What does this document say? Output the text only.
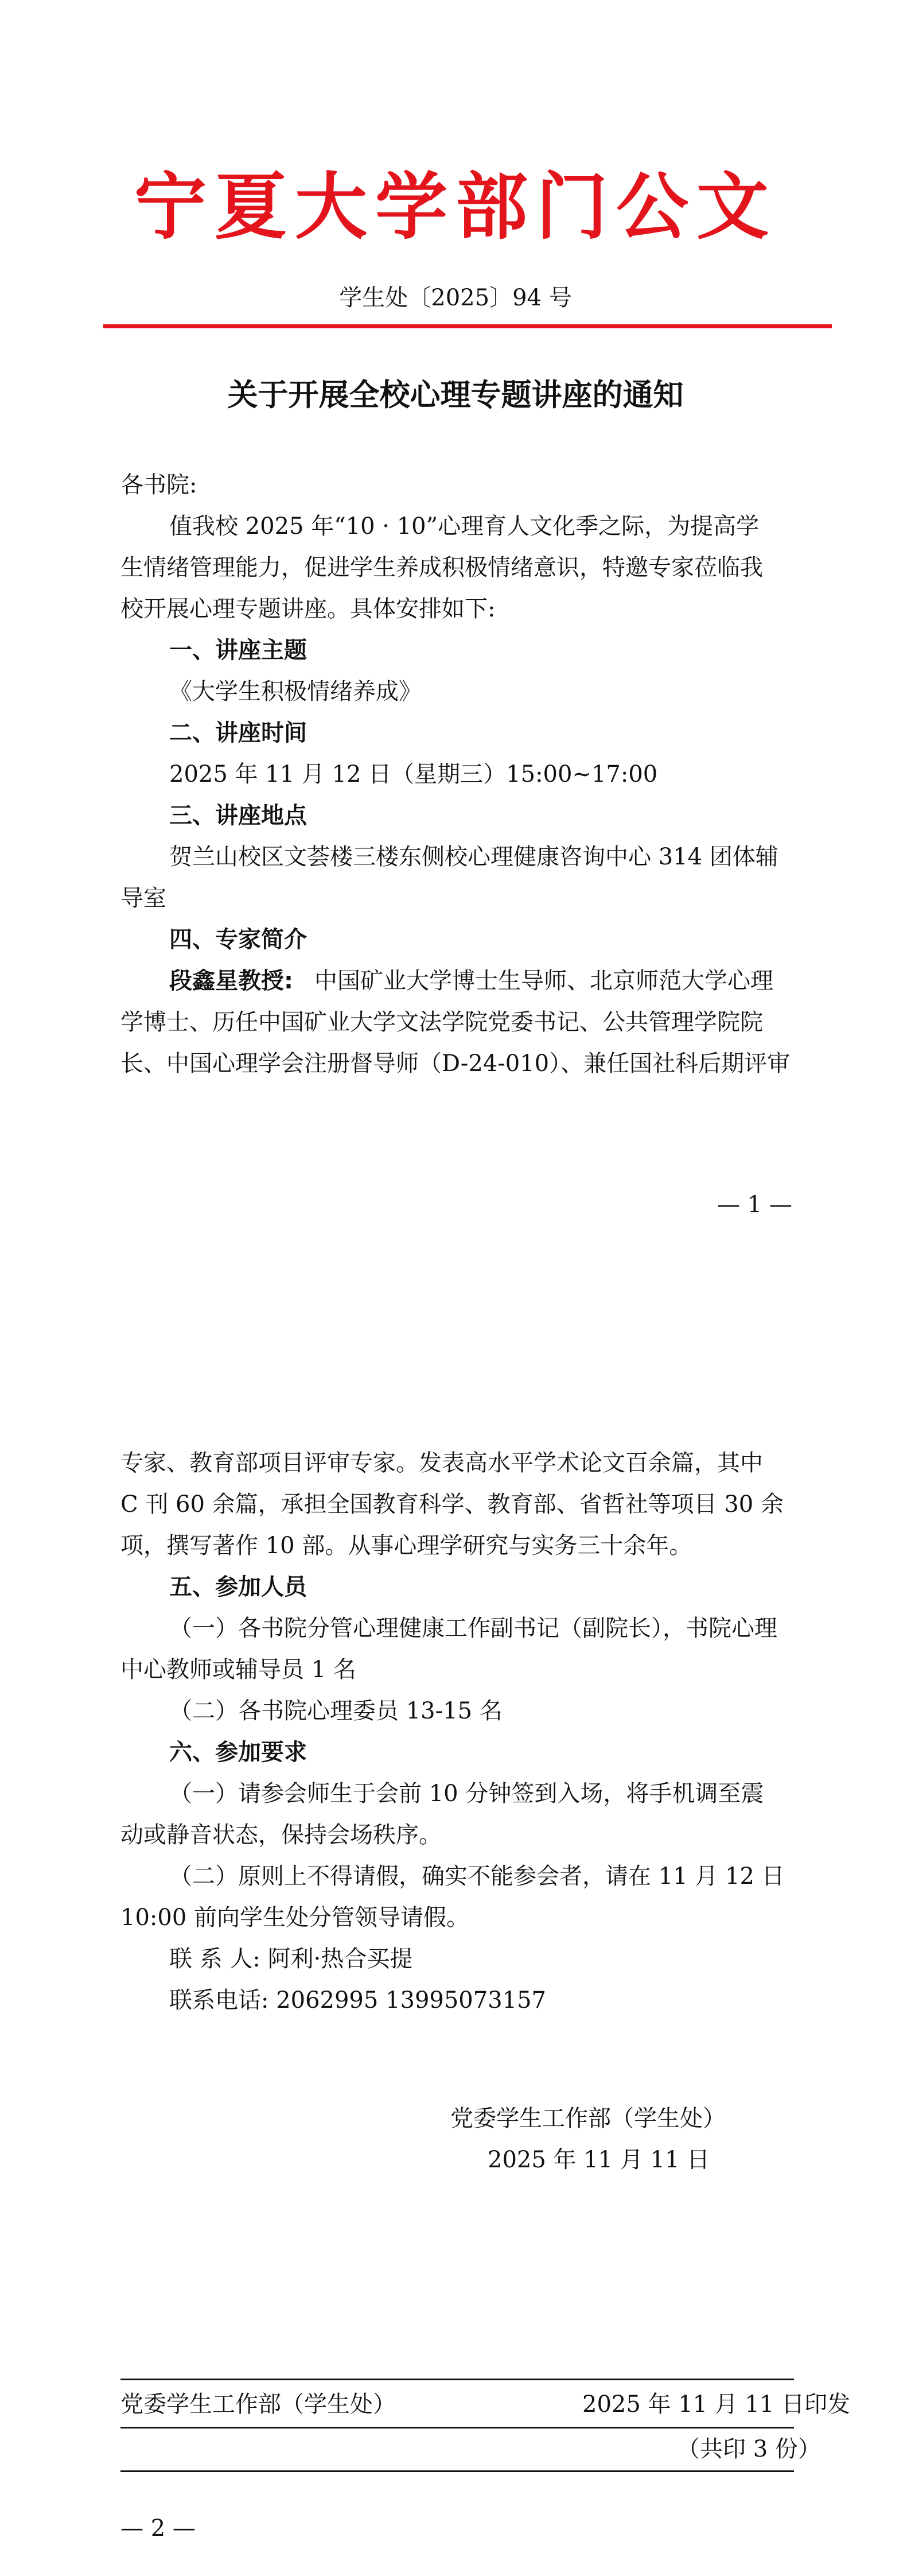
宁夏大学部门公文
学生处〔2025〕94 号
关于开展全校心理专题讲座的通知
各书院:
值我校 2025 年“10 · 10”心理育人文化季之际，为提高学
生情绪管理能力，促进学生养成积极情绪意识，特邀专家莅临我
校开展心理专题讲座。具体安排如下:
一、讲座主题
《大学生积极情绪养成》
二、讲座时间
2025 年 11 月 12 日（星期三）15:00~17:00
三、讲座地点
贺兰山校区文荟楼三楼东侧校心理健康咨询中心 314 团体辅
导室
四、专家简介
段鑫星教授: 中国矿业大学博士生导师、北京师范大学心理
学博士、历任中国矿业大学文法学院党委书记、公共管理学院院
长、中国心理学会注册督导师（D-24-010）、兼任国社科后期评审
— 1 —
专家、教育部项目评审专家。发表高水平学术论文百余篇，其中
C 刊 60 余篇，承担全国教育科学、教育部、省哲社等项目 30 余
项，撰写著作 10 部。从事心理学研究与实务三十余年。
五、参加人员
（一）各书院分管心理健康工作副书记（副院长），书院心理
中心教师或辅导员 1 名
（二）各书院心理委员 13-15 名
六、参加要求
（一）请参会师生于会前 10 分钟签到入场，将手机调至震
动或静音状态，保持会场秩序。
（二）原则上不得请假，确实不能参会者，请在 11 月 12 日
10:00 前向学生处分管领导请假。
联 系 人: 阿利·热合买提
联系电话: 2062995 13995073157
党委学生工作部（学生处）
2025 年 11 月 11 日
党委学生工作部（学生处）	2025 年 11 月 11 日印发
（共印 3 份）
— 2 —
